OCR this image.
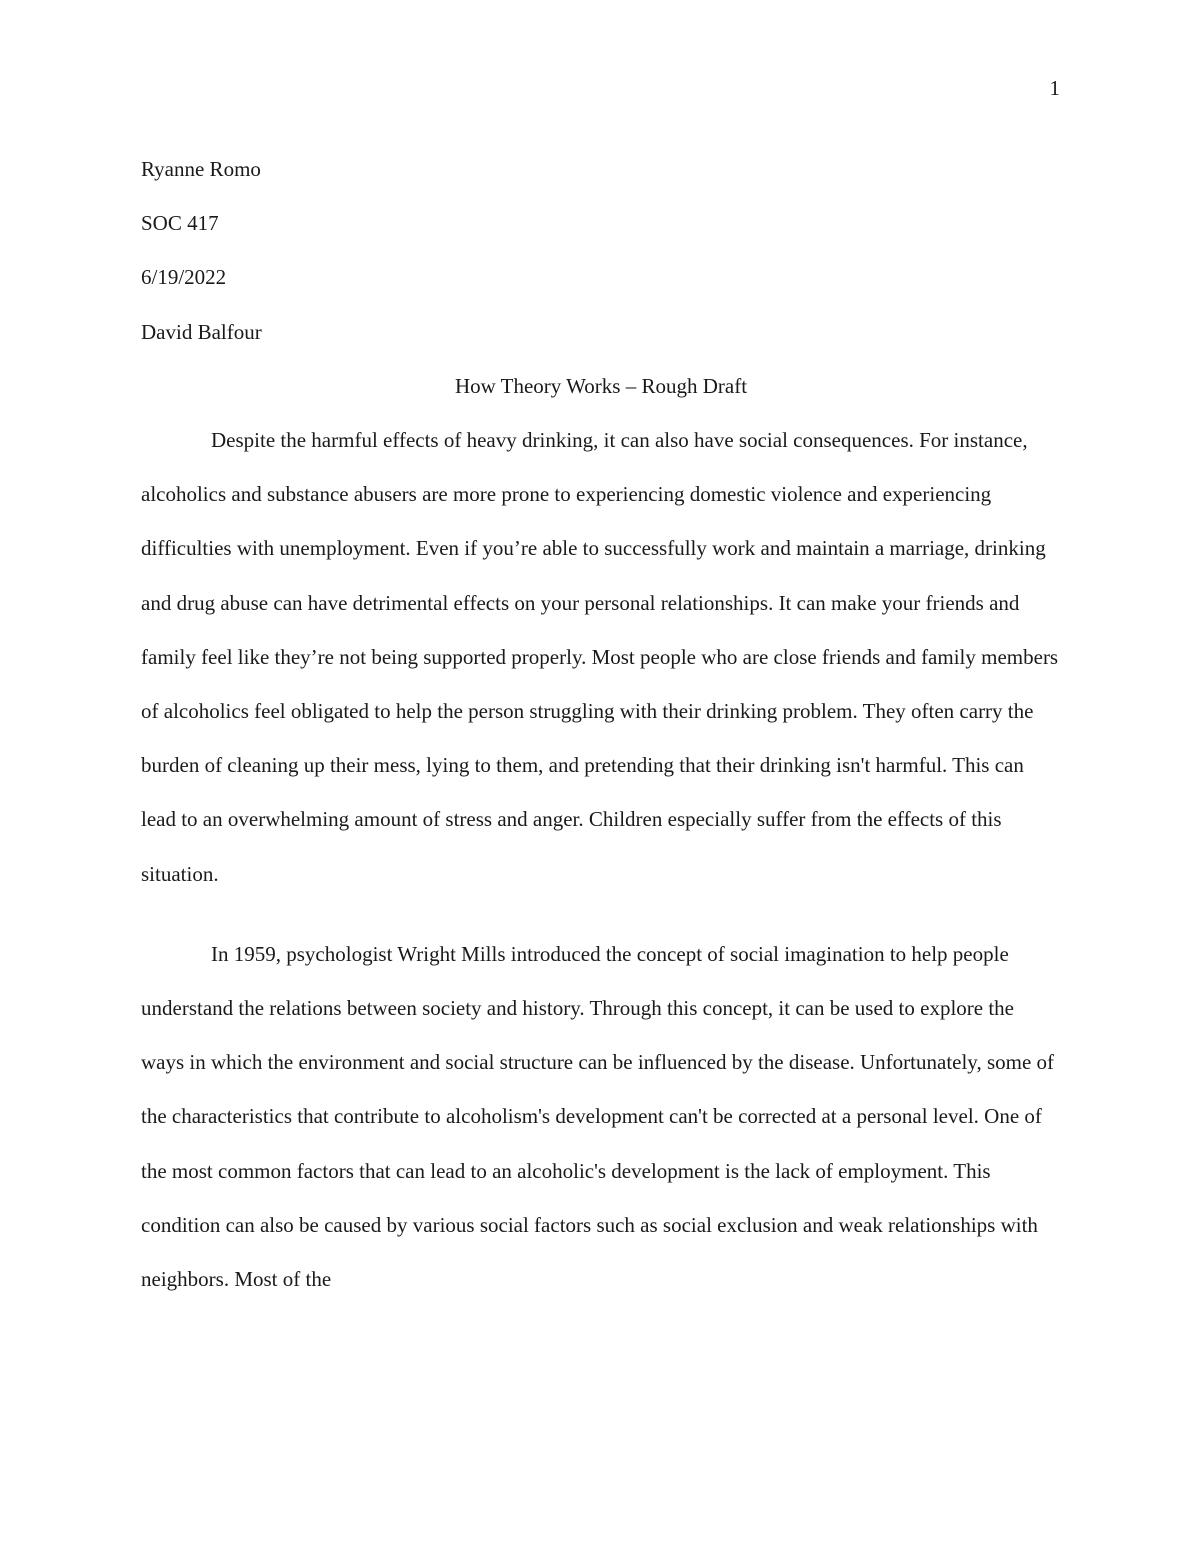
1
Ryanne Romo
SOC 417
6/19/2022
David Balfour
How Theory Works – Rough Draft

Despite the harmful effects of heavy drinking, it can also have social consequences. For instance, alcoholics and substance abusers are more prone to experiencing domestic violence and experiencing difficulties with unemployment. Even if you’re able to successfully work and maintain a marriage, drinking and drug abuse can have detrimental effects on your personal relationships. It can make your friends and family feel like they’re not being supported properly. Most people who are close friends and family members of alcoholics feel obligated to help the person struggling with their drinking problem. They often carry the burden of cleaning up their mess, lying to them, and pretending that their drinking isn't harmful. This can lead to an overwhelming amount of stress and anger. Children especially suffer from the effects of this situation.

In 1959, psychologist Wright Mills introduced the concept of social imagination to help people understand the relations between society and history. Through this concept, it can be used to explore the ways in which the environment and social structure can be influenced by the disease. Unfortunately, some of the characteristics that contribute to alcoholism's development can't be corrected at a personal level. One of the most common factors that can lead to an alcoholic's development is the lack of employment. This condition can also be caused by various social factors such as social exclusion and weak relationships with neighbors. Most of the
